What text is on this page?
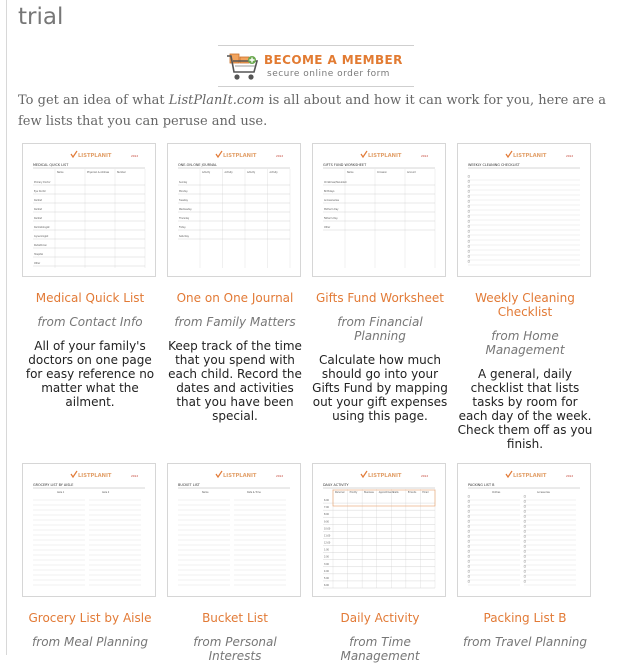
trial
BECOME A MEMBER
secure online order form

To get an idea of what ListPlanIt.com is all about and how it can work for you, here are a few lists that you can peruse and use.

LISTPLANIT	2012
MEDICAL QUICK LIST
Name	Physician & Address	Number
Primary Doctor
Eye Doctor
Dentist
Dentist
Dentist
Dermatologist
Gynecologist
Pediatrician
Hospital
Other
Medical Quick List
from Contact Info
All of your family's doctors on one page for easy reference no matter what the ailment.
LISTPLANIT	2012
ONE-ON-ONE JOURNAL
Activity	Activity	Activity	Activity
Sunday
Monday
Tuesday
Wednesday
Thursday
Friday
Saturday
One on One Journal
from Family Matters
Keep track of the time that you spend with each child. Record the dates and activities that you have been special.
LISTPLANIT	2012
GIFTS FUND WORKSHEET
Name	Occasion	Amount
Christmas/Hanukkah
Birthdays
Anniversaries
Mother's Day
Father's Day
Other
Gifts Fund Worksheet
from Financial Planning
Calculate how much should go into your Gifts Fund by mapping out your gift expenses using this page.
LISTPLANIT	2012
WEEKLY CLEANING CHECKLIST
Weekly Cleaning Checklist
from Home Management
A general, daily checklist that lists tasks by room for each day of the week. Check them off as you finish.
LISTPLANIT	2012
GROCERY LIST BY AISLE
Aisle 1	Aisle 2
Grocery List by Aisle
from Meal Planning
LISTPLANIT	2012
BUCKET LIST
Name	Date & Time
Bucket List
from Personal Interests
LISTPLANIT	2012
DAILY ACTIVITY
Personal Priority	Business	Appointments Calls	Errands	Email
6:00
7:00
8:00
9:00
10:00
11:00
12:00
1:00
2:00
3:00
4:00
5:00
6:00
Daily Activity
from Time Management
LISTPLANIT	2012
PACKING LIST B
Clothes	Accessories
Packing List B
from Travel Planning
